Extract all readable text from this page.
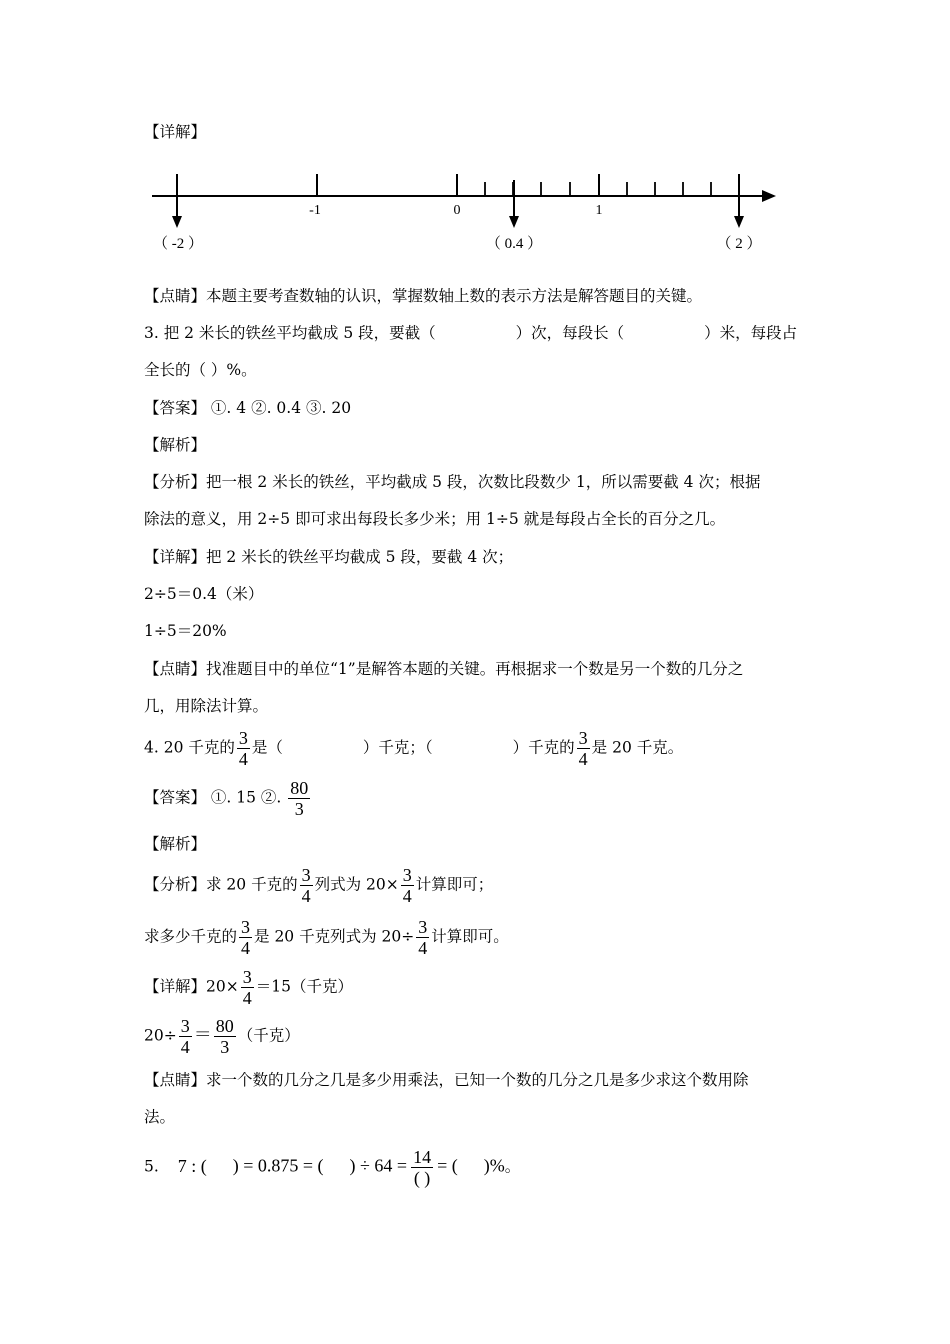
【详解】
-1	0	1
（ -2 ）	（ 0.4 ）	（ 2 ）
【点睛】本题主要考查数轴的认识，掌握数轴上数的表示方法是解答题目的关键。
3. 把 2 米长的铁丝平均截成 5 段，要截（	）次，每段长（	）米，每段占
全长的（ ）%。
【答案】 ①. 4 ②. 0.4 ③. 20
【解析】
【分析】把一根 2 米长的铁丝，平均截成 5 段，次数比段数少 1，所以需要截 4 次；根据
除法的意义，用 2÷5 即可求出每段长多少米；用 1÷5 就是每段占全长的百分之几。
【详解】把 2 米长的铁丝平均截成 5 段，要截 4 次；
2÷5＝0.4（米）
1÷5＝20%
【点睛】找准题目中的单位“1”是解答本题的关键。再根据求一个数是另一个数的几分之
几，用除法计算。
4. 20 千克的 $\frac{3}{4}$ 是（	）千克；（	）千克的 $\frac{3}{4}$ 是 20 千克。
【答案】 ①. 15 ②. $\frac{80}{3}$
【解析】
【分析】求 20 千克的 $\frac{3}{4}$ 列式为 $20\times \frac{3}{4}$ 计算即可；
求多少千克的 $\frac{3}{4}$ 是 20 千克列式为 $20\div \frac{3}{4}$ 计算即可。
【详解】$20\times \frac{3}{4} =15$（千克）
$20\div \frac{3}{4} = \frac{80}{3}$ （千克）
【点睛】求一个数的几分之几是多少用乘法，已知一个数的几分之几是多少求这个数用除
法。
5. 7 : ( ) = 0.875 = ( ) ÷ $64 = \frac{14}{( )}$ = ( )%。
